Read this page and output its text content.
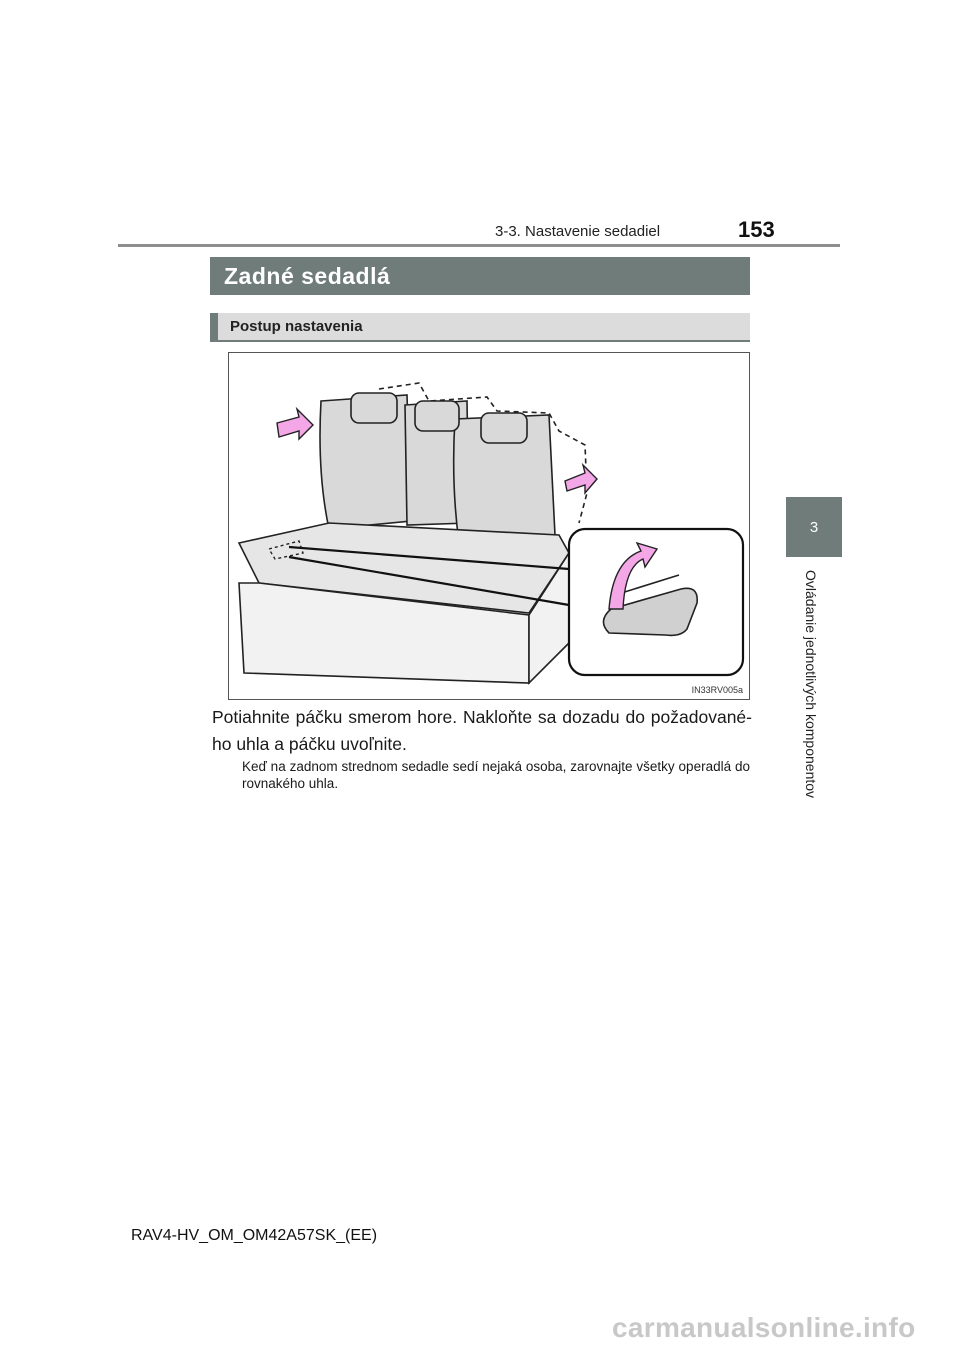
3-3. Nastavenie sedadiel	153
3
Ovládanie jednotlivých komponentov
Zadné sedadlá
Postup nastavenia
IN33RV005a
Potiahnite páčku smerom hore. Nakloňte sa dozadu do požadované-ho uhla a páčku uvoľnite.
Keď na zadnom strednom sedadle sedí nejaká osoba, zarovnajte všetky operadlá do rovnakého uhla.
RAV4-HV_OM_OM42A57SK_(EE)
carmanualsonline.info
